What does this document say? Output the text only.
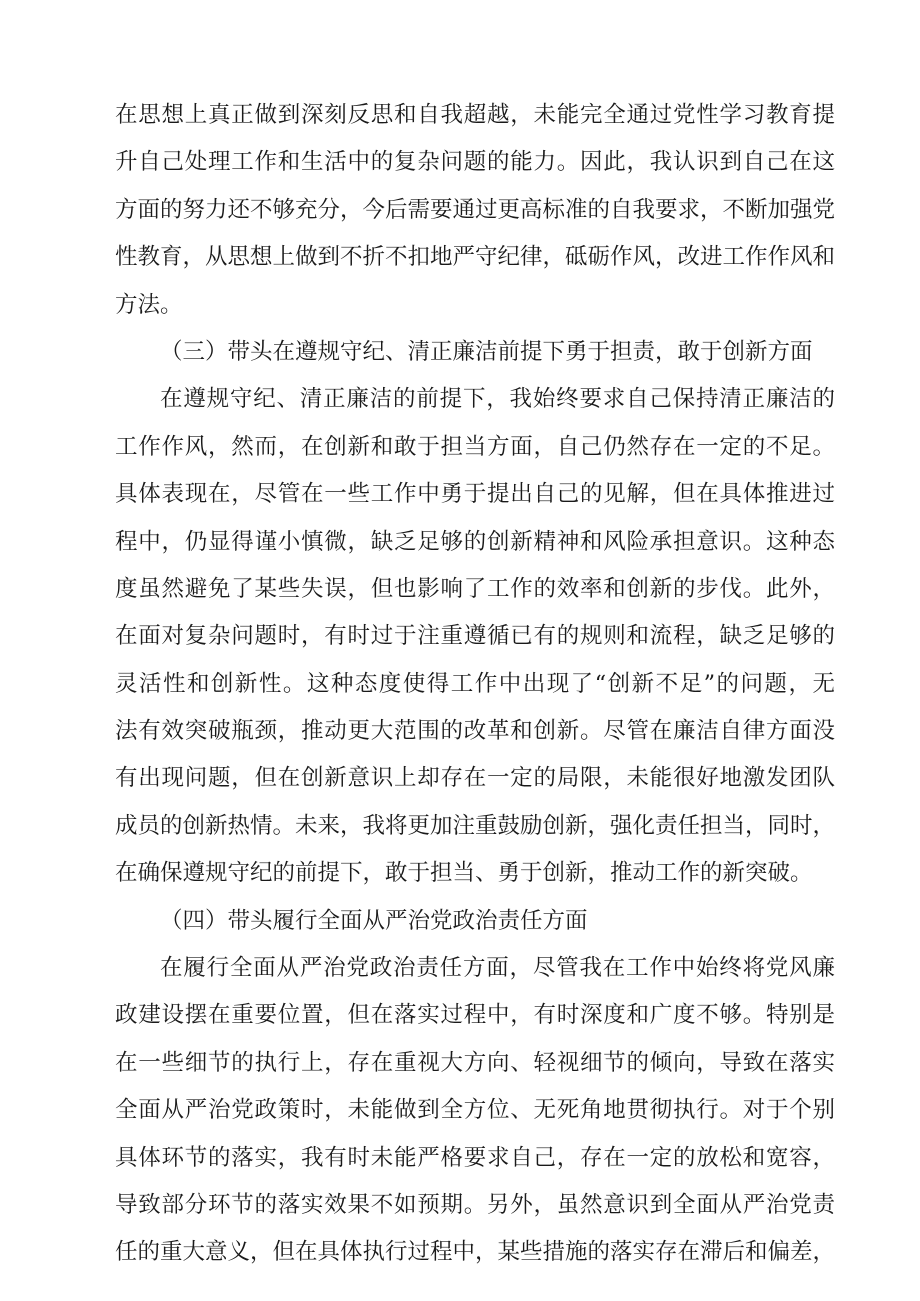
在思想上真正做到深刻反思和自我超越，未能完全通过党性学习教育提
升自己处理工作和生活中的复杂问题的能力。因此，我认识到自己在这
方面的努力还不够充分，今后需要通过更高标准的自我要求，不断加强党
性教育，从思想上做到不折不扣地严守纪律，砥砺作风，改进工作作风和
方法。
（三）带头在遵规守纪、清正廉洁前提下勇于担责，敢于创新方面
在遵规守纪、清正廉洁的前提下，我始终要求自己保持清正廉洁的
工作作风，然而，在创新和敢于担当方面，自己仍然存在一定的不足。
具体表现在，尽管在一些工作中勇于提出自己的见解，但在具体推进过
程中，仍显得谨小慎微，缺乏足够的创新精神和风险承担意识。这种态
度虽然避免了某些失误，但也影响了工作的效率和创新的步伐。此外，
在面对复杂问题时，有时过于注重遵循已有的规则和流程，缺乏足够的
灵活性和创新性。这种态度使得工作中出现了“创新不足”的问题，无
法有效突破瓶颈，推动更大范围的改革和创新。尽管在廉洁自律方面没
有出现问题，但在创新意识上却存在一定的局限，未能很好地激发团队
成员的创新热情。未来，我将更加注重鼓励创新，强化责任担当，同时，
在确保遵规守纪的前提下，敢于担当、勇于创新，推动工作的新突破。
（四）带头履行全面从严治党政治责任方面
在履行全面从严治党政治责任方面，尽管我在工作中始终将党风廉
政建设摆在重要位置，但在落实过程中，有时深度和广度不够。特别是
在一些细节的执行上，存在重视大方向、轻视细节的倾向，导致在落实
全面从严治党政策时，未能做到全方位、无死角地贯彻执行。对于个别
具体环节的落实，我有时未能严格要求自己，存在一定的放松和宽容，
导致部分环节的落实效果不如预期。另外，虽然意识到全面从严治党责
任的重大意义，但在具体执行过程中，某些措施的落实存在滞后和偏差，
